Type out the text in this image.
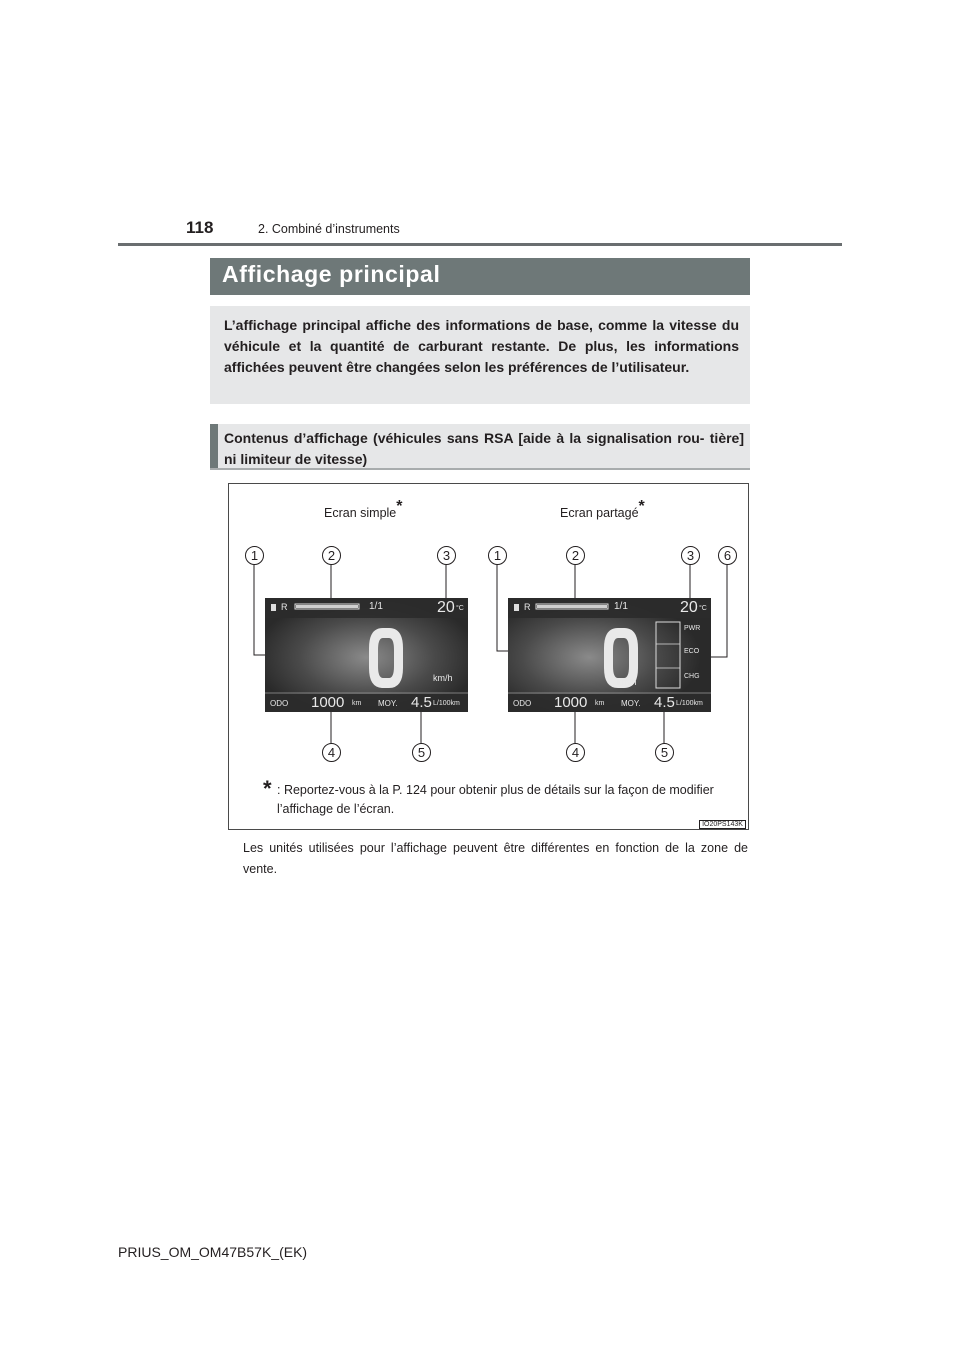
118	2. Combiné d’instruments
Affichage principal
L’affichage principal affiche des informations de base, comme la vitesse du véhicule et la quantité de carburant restante. De plus, les informations affichées peuvent être changées selon les préférences de l’utilisateur.
Contenus d’affichage (véhicules sans RSA [aide à la signalisation rou- tière] ni limiteur de vitesse)
Ecran simple*	Ecran partagé*
1	2	3
4	5
1	2	3	6
4	5
R	1/1	20 °C
km/h
ODO 1000 km MOY. 4.5 L/100km
R	1/1	20 °C
PWR
ECO
CHG
km/h
ODO 1000 km MOY. 4.5 L/100km
* : Reportez-vous à la P. 124 pour obtenir plus de détails sur la façon de modifier l’affichage de l’écran.
IO20PS143K
Les unités utilisées pour l’affichage peuvent être différentes en fonction de la zone de vente.
PRIUS_OM_OM47B57K_(EK)
